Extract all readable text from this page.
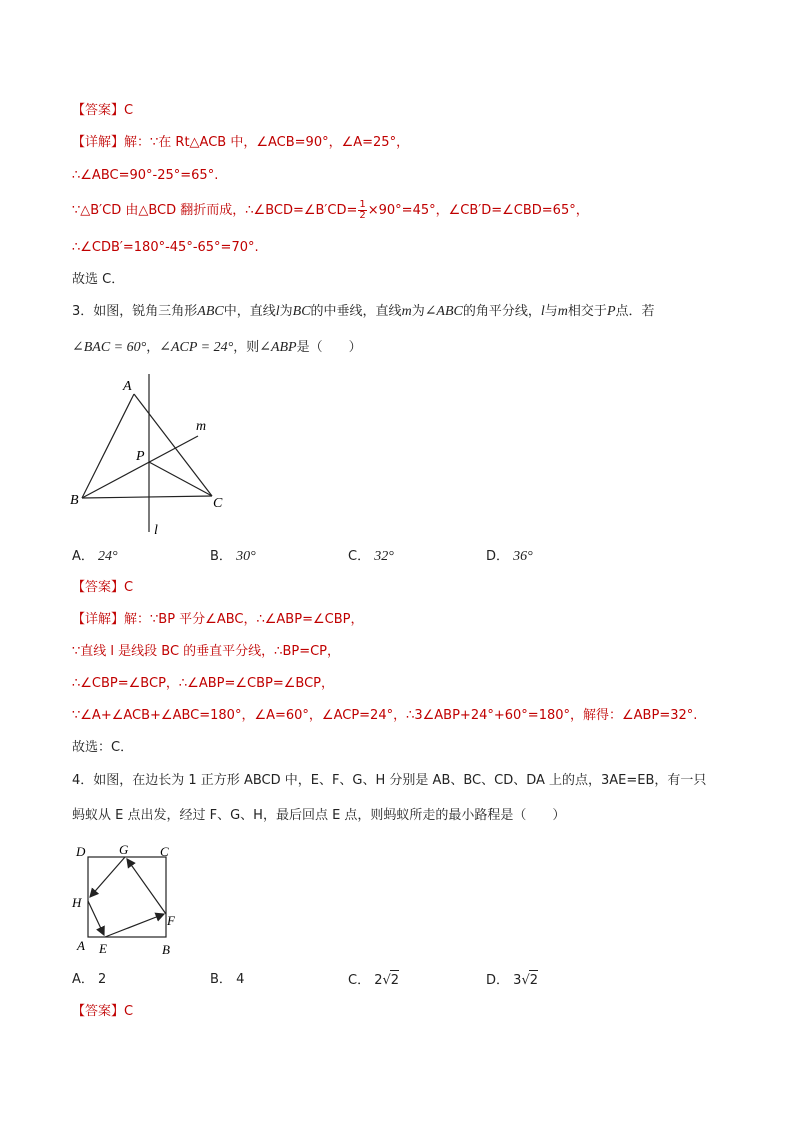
【答案】C
【详解】解：∵在 Rt△ACB 中，∠ACB=90°，∠A=25°，
∴∠ABC=90°-25°=65°.
∵△B′CD 由△BCD 翻折而成，∴∠BCD=∠B′CD= $\frac{1}{2} \times 90^\circ=45^\circ$，∠CB′D=∠CBD=65°，
∴∠CDB′=180°-45°-65°=70°.
故选 C．
3．如图，锐角三角形ABC中，直线l为BC的中垂线，直线m为∠ABC的角平分线，l与m相交于P点．若
∠BAC = 60°，∠ACP = 24°，则∠ABP是（　　）
A
B	C
P
m
l
A． 24°	B． 30°	C． 32°	D． 36°
【答案】C
【详解】解：∵BP 平分∠ABC，∴∠ABP=∠CBP，
∵直线 l 是线段 BC 的垂直平分线，∴BP=CP，
∴∠CBP=∠BCP，∴∠ABP=∠CBP=∠BCP，
∵∠A+∠ACB+∠ABC=180°，∠A=60°，∠ACP=24°，∴3∠ABP+24°+60°=180°，解得：∠ABP=32°.
故选：C．
4．如图，在边长为 1 正方形 ABCD 中，E、F、G、H 分别是 AB、BC、CD、DA 上的点，3AE=EB，有一只
蚂蚁从 E 点出发，经过 F、G、H，最后回点 E 点，则蚂蚁所走的最小路程是（　　）
D	G C
H
F
A E	B
A． 2	B． 4	C． 2√2	D． 3√2
【答案】C
